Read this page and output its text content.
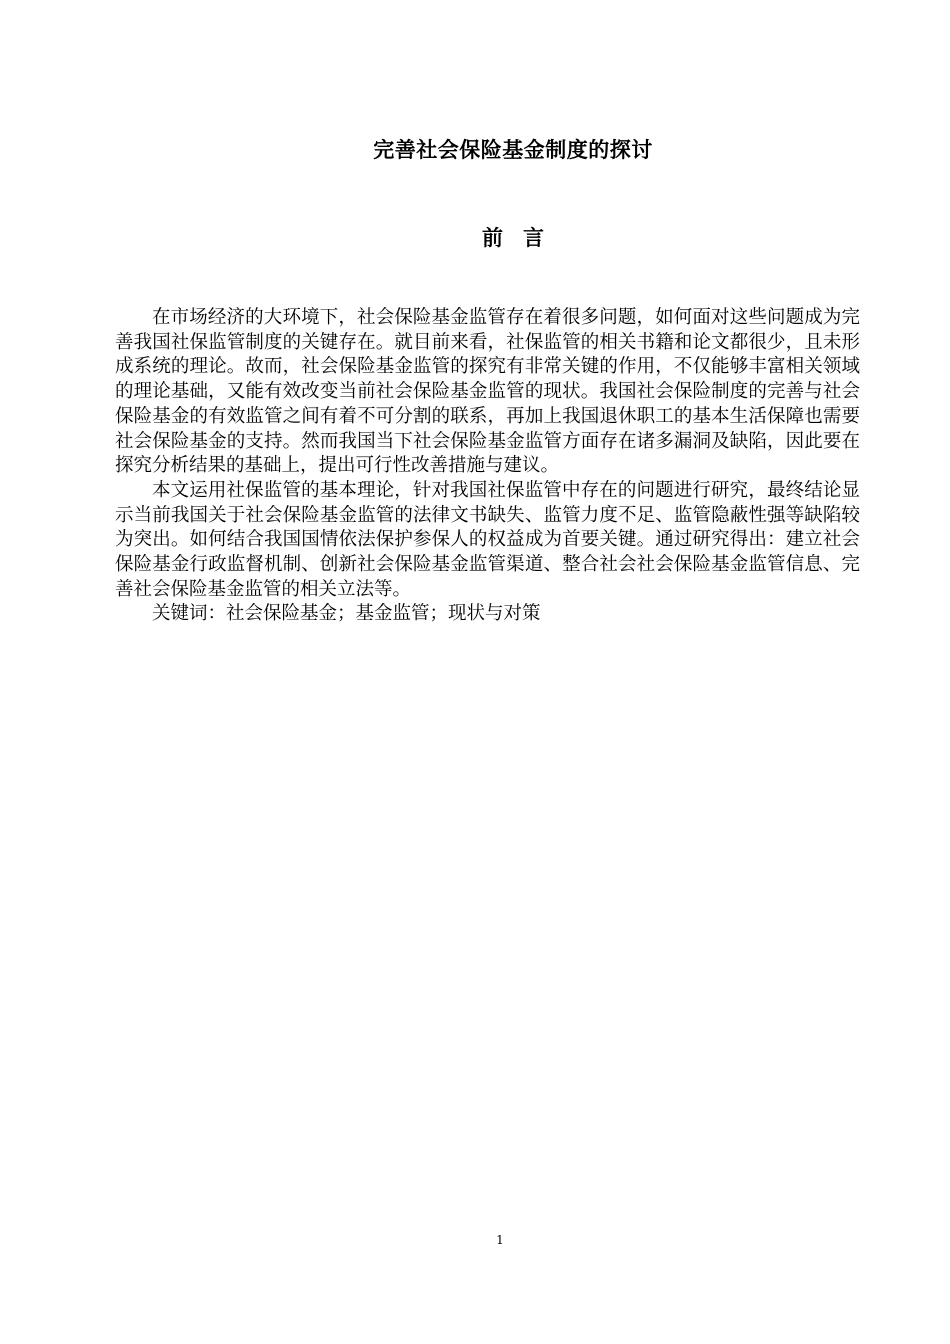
完善社会保险基金制度的探讨
前言

在市场经济的大环境下，社会保险基金监管存在着很多问题，如何面对这些问题成为完善我国社保监管制度的关键存在。就目前来看，社保监管的相关书籍和论文都很少，且未形成系统的理论。故而，社会保险基金监管的探究有非常关键的作用，不仅能够丰富相关领域的理论基础，又能有效改变当前社会保险基金监管的现状。我国社会保险制度的完善与社会保险基金的有效监管之间有着不可分割的联系，再加上我国退休职工的基本生活保障也需要社会保险基金的支持。然而我国当下社会保险基金监管方面存在诸多漏洞及缺陷，因此要在探究分析结果的基础上，提出可行性改善措施与建议。

本文运用社保监管的基本理论，针对我国社保监管中存在的问题进行研究，最终结论显示当前我国关于社会保险基金监管的法律文书缺失、监管力度不足、监管隐蔽性强等缺陷较为突出。如何结合我国国情依法保护参保人的权益成为首要关键。通过研究得出：建立社会保险基金行政监督机制、创新社会保险基金监管渠道、整合社会社会保险基金监管信息、完善社会保险基金监管的相关立法等。

关键词：社会保险基金；基金监管；现状与对策

1
